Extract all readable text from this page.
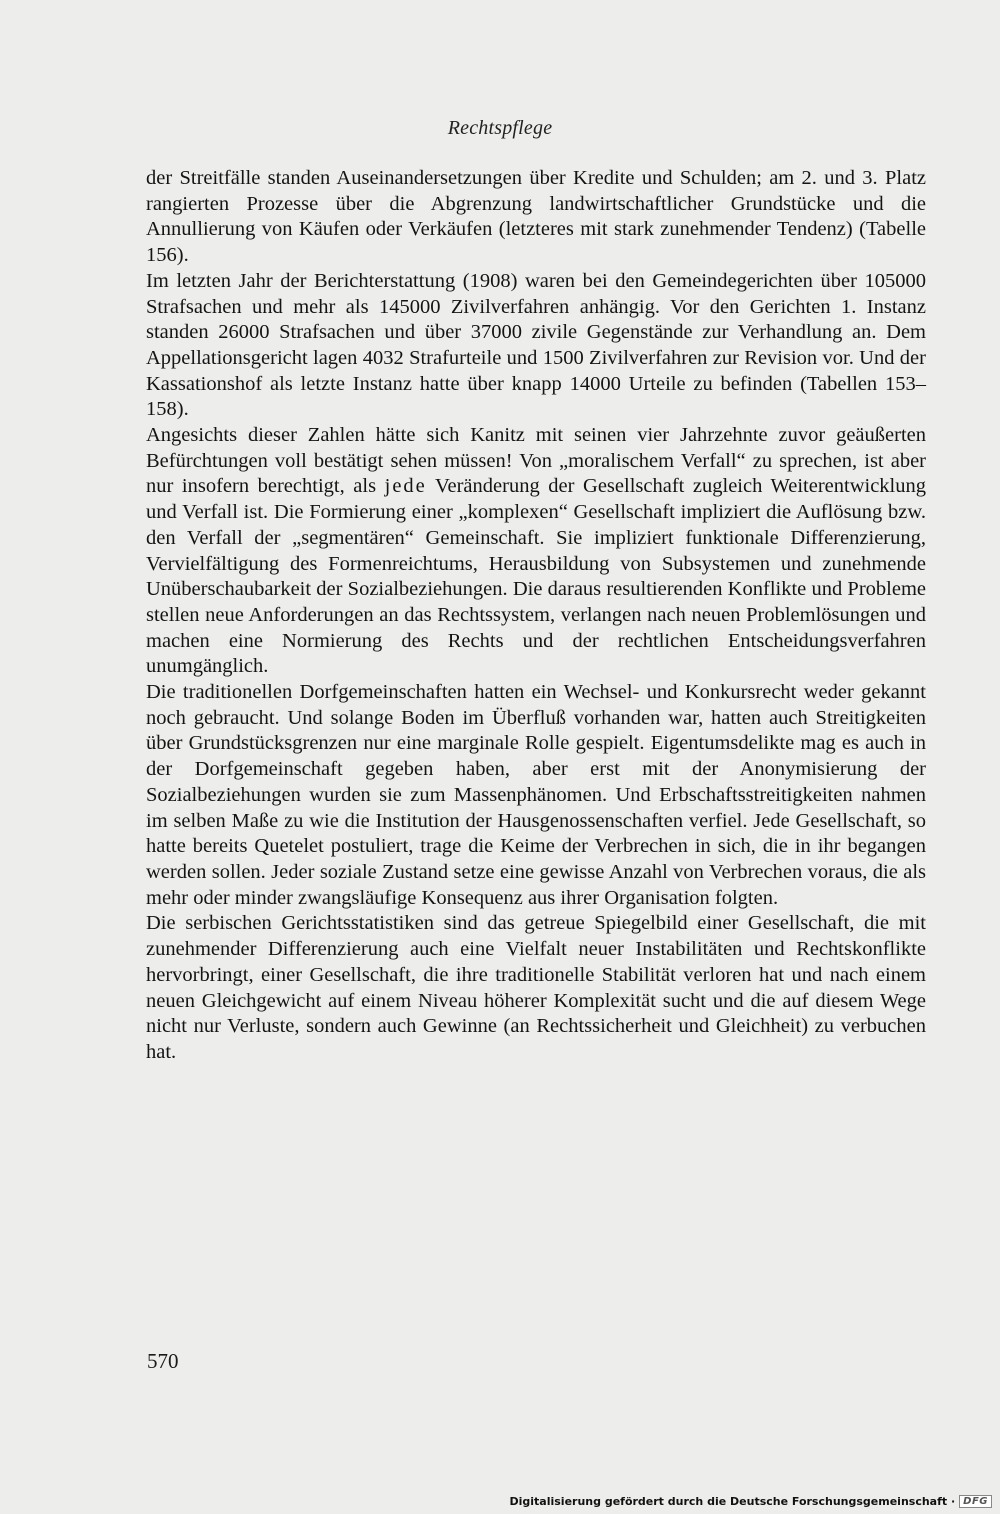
Rechtspflege

der Streitfälle standen Auseinandersetzungen über Kredite und Schulden; am 2. und 3. Platz rangierten Prozesse über die Abgrenzung landwirtschaftlicher Grundstücke und die Annullierung von Käufen oder Verkäufen (letzteres mit stark zunehmender Tendenz) (Tabelle 156).

Im letzten Jahr der Berichterstattung (1908) waren bei den Gemeindegerichten über 105000 Strafsachen und mehr als 145000 Zivilverfahren anhängig. Vor den Gerichten 1. Instanz standen 26000 Strafsachen und über 37000 zivile Gegenstände zur Verhandlung an. Dem Appellationsgericht lagen 4032 Strafurteile und 1500 Zivilverfahren zur Revision vor. Und der Kassationshof als letzte Instanz hatte über knapp 14000 Urteile zu befinden (Tabellen 153–158).

Angesichts dieser Zahlen hätte sich Kanitz mit seinen vier Jahrzehnte zuvor geäußerten Befürchtungen voll bestätigt sehen müssen! Von „moralischem Verfall“ zu sprechen, ist aber nur insofern berechtigt, als jede Veränderung der Gesellschaft zugleich Weiterentwicklung und Verfall ist. Die Formierung einer „komplexen“ Gesellschaft impliziert die Auflösung bzw. den Verfall der „segmentären“ Gemeinschaft. Sie impliziert funktionale Differenzierung, Vervielfältigung des Formenreichtums, Herausbildung von Subsystemen und zunehmende Unüberschaubarkeit der Sozialbeziehungen. Die daraus resultierenden Konflikte und Probleme stellen neue Anforderungen an das Rechtssystem, verlangen nach neuen Problemlösungen und machen eine Normierung des Rechts und der rechtlichen Entscheidungsverfahren unumgänglich.

Die traditionellen Dorfgemeinschaften hatten ein Wechsel- und Konkursrecht weder gekannt noch gebraucht. Und solange Boden im Überfluß vorhanden war, hatten auch Streitigkeiten über Grundstücksgrenzen nur eine marginale Rolle gespielt. Eigentumsdelikte mag es auch in der Dorfgemeinschaft gegeben haben, aber erst mit der Anonymisierung der Sozialbeziehungen wurden sie zum Massenphänomen. Und Erbschaftsstreitigkeiten nahmen im selben Maße zu wie die Institution der Hausgenossenschaften verfiel. Jede Gesellschaft, so hatte bereits Quetelet postuliert, trage die Keime der Verbrechen in sich, die in ihr begangen werden sollen. Jeder soziale Zustand setze eine gewisse Anzahl von Verbrechen voraus, die als mehr oder minder zwangsläufige Konsequenz aus ihrer Organisation folgten.

Die serbischen Gerichtsstatistiken sind das getreue Spiegelbild einer Gesellschaft, die mit zunehmender Differenzierung auch eine Vielfalt neuer Instabilitäten und Rechtskonflikte hervorbringt, einer Gesellschaft, die ihre traditionelle Stabilität verloren hat und nach einem neuen Gleichgewicht auf einem Niveau höherer Komplexität sucht und die auf diesem Wege nicht nur Verluste, sondern auch Gewinne (an Rechtssicherheit und Gleichheit) zu verbuchen hat.

570
Digitalisierung gefördert durch die Deutsche Forschungsgemeinschaft · DFG
